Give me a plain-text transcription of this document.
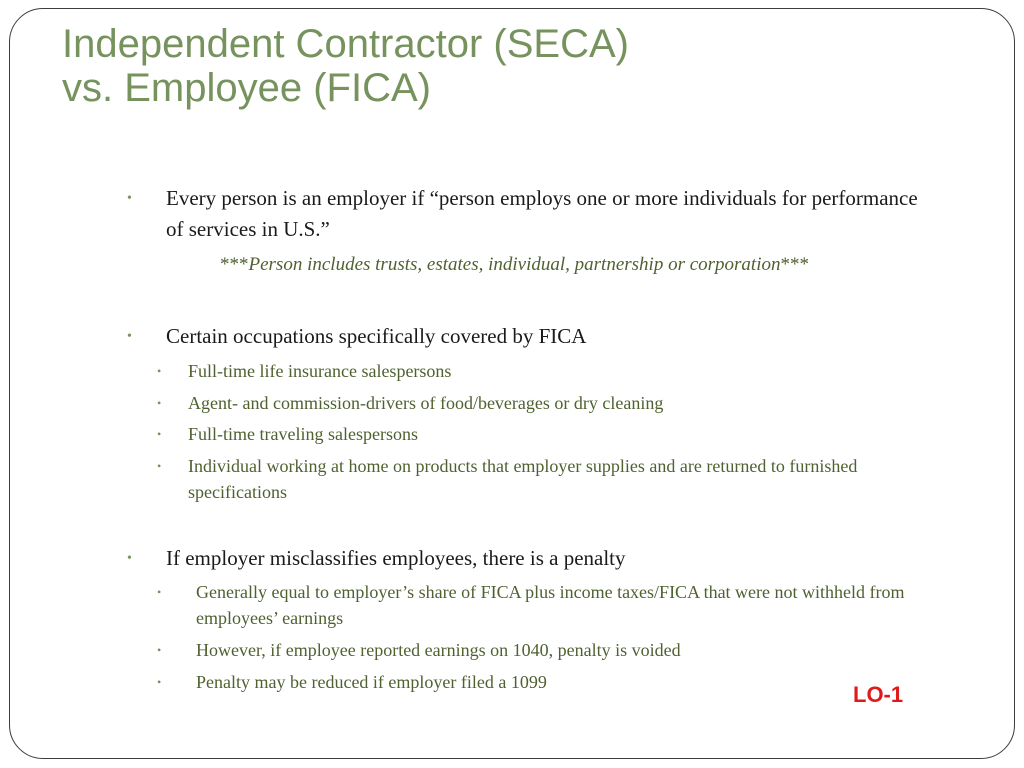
Independent Contractor (SECA)
vs. Employee (FICA)
• Every person is an employer if “person employs one or more individuals for performance of services in U.S.”
***Person includes trusts, estates, individual, partnership or corporation***
• Certain occupations specifically covered by FICA
• Full-time life insurance salespersons
• Agent- and commission-drivers of food/beverages or dry cleaning
• Full-time traveling salespersons
• Individual working at home on products that employer supplies and are returned to furnished specifications
• If employer misclassifies employees, there is a penalty
• Generally equal to employer’s share of FICA plus income taxes/FICA that were not withheld from employees’ earnings
• However, if employee reported earnings on 1040, penalty is voided
• Penalty may be reduced if employer filed a 1099	LO-1
